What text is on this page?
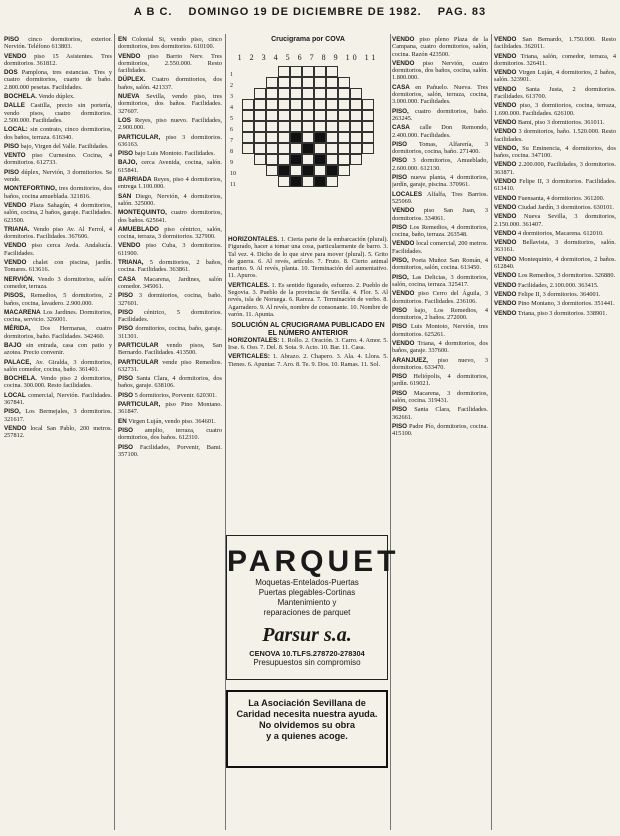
A B C. DOMINGO 19 DE DICIEMBRE DE 1982. PAG. 83

PISO cinco dormitorios, exterior. Nervión. Teléfono 613803.

VENDO piso 15 Asistentes. Tres dormitorios. 361812.

DOS Pamplona, tres estancias. Tres y cuatro dormitorios, cuarto de baño. 2.800.000 pesetas. Facilidades.

BOCHELA. Vendo dúplex.

DALLE Castilla, precio sin portería, vendo pisos, cuatro dormitorios. 2.500.000. Facilidades.

LOCAL: sin contrato, cinco dormitorios, dos baños, terraza. 616340.

PISO bajo, Virgen del Valle. Facilidades.

VENTO piso Curnesino. Cocina, 4 dormitorios. 612733.

PISO dúplex, Nervión, 3 dormitorios. Se vende.

MONTEFORTINO, tres dormitorios, dos baños, cocina amueblada. 321816.

VENDO Plaza Sahagún, 4 dormitorios, salón, cocina, 2 baños, garaje. Facilidades. 623500.

TRIANA. Vendo piso Av. Al Ferrol, 4 dormitorios. Facilidades. 367606.

VENDO piso cerca Avda. Andalucía. Facilidades.

VENDO chalet con piscina, jardín. Tomares. 613616.

NERVIÓN. Vendo 3 dormitorios, salón comedor, terraza.

PISOS, Remedios, 5 dormitorios, 2 baños, cocina, lavadero. 2.900.000.

MACARENA Los Jardines. Dormitorios, cocina, servicio. 326001.

MÉRIDA, Dos Hermanas, cuatro dormitorios, baño. Facilidades. 342460.

BAJO sin entrada, casa con patio y azotea. Precio convenir.

PALACE, Av. Giralda, 3 dormitorios, salón comedor, cocina, baño. 361401.

BOCHELA. Vendo piso 2 dormitorios, cocina. 300.000. Resto facilidades.

LOCAL comercial, Nervión. Facilidades. 367841.

PISO, Los Bermejales, 3 dormitorios. 321617.

VENDO local San Pablo, 200 metros. 257812.

EN Colonial Si, vendo piso, cinco dormitorios, tres dormitorios. 610100.

VENDO piso Barrio Nerv. Tres dormitorios, 2.550.000. Resto facilidades.

DÚPLEX. Cuatro dormitorios, dos baños, salón. 421337.

NUEVA Sevilla, vendo piso, tres dormitorios, dos baños. Facilidades. 327607.

LOS Reyes, piso nuevo. Facilidades, 2.900.000.

PARTICULAR, piso 3 dormitorios. 636163.

PISO bajo Luis Montoto. Facilidades.

BAJO, cerca Avenida, cocina, salón. 615841.

BARRIADA Reyes, piso 4 dormitorios, entrega 1.100.000.

SAN Diego, Nervión, 4 dormitorios, salón. 325000.

MONTEQUINTO, cuatro dormitorios, dos baños. 625641.

AMUEBLADO piso céntrico, salón, cocina, terraza, 3 dormitorios. 327900.

VENDO piso Cuba, 3 dormitorios. 611900.

TRIANA, 5 dormitorios, 2 baños, cocina. Facilidades. 363861.

CASA Macarena, Jardines, salón comedor. 345061.

PISO 3 dormitorios, cocina, baño. 327601.

PISO céntrico, 5 dormitorios. Facilidades.

PISO dormitorios, cocina, baño, garaje. 311301.

PARTICULAR vendo pisos, San Bernardo. Facilidades. 413500.

PARTICULAR vende piso Remedios. 632731.

PISO Santa Clara, 4 dormitorios, dos baños, garaje. 638106.

PISO 5 dormitorios, Porvenir. 620301.

PARTICULAR, piso Pino Montano. 361847.

EN Virgen Luján, vendo piso. 364601.

PISO amplio, terraza, cuatro dormitorios, dos baños. 612310.

PISO Facilidades, Porvenir, Bami. 357100.

Crucigrama por COVA
1 2 3 4 5 6 7 8 9 10 11
1
2
3
4
5
6
7
8
9
10
11

HORIZONTALES. 1. Cierta parte de la embarcación (plural). Figurado, hacer a tomar una cosa, particularmente de barro. 3. Tal vez. 4. Dicho de lo que sirve para mover (plural). 5. Grito de guerra. 6. Al revés, artículo. 7. Fruto. 8. Cierto animal marino. 9. Al revés, planta. 10. Terminación del aumentativo. 11. Apuros.

VERTICALES. 1. Es sentido figurado, esfuerzo. 2. Pueblo de Segovia. 3. Pueblo de la provincia de Sevilla. 4. Flor. 5. Al revés, isla de Noruega. 6. Rareza. 7. Terminación de verbo. 8. Agarradero. 9. Al revés, nombre de consonante. 10. Nombre de varón. 11. Apunta.

SOLUCIÓN AL CRUCIGRAMA PUBLICADO EN EL NÚMERO ANTERIOR

HORIZONTALES: 1. Rollo. 2. Oración. 3. Carro. 4. Amor. 5. Irse. 6. Oso. 7. Del. 8. Sota. 9. Acto. 10. Bar. 11. Casa.

VERTICALES: 1. Abrazo. 2. Chapero. 3. Ala. 4. Llora. 5. Tienes. 6. Apuntar. 7. Aro. 8. Te. 9. Dos. 10. Ramas. 11. Sol.

PARQUET
Moquetas-Entelados-Puertas
Puertas plegables-Cortinas
Mantenimiento y
reparaciones de parquet
Parsur s.a.
CENOVA 10.TLFS.278720-278304
Presupuestos sin compromiso
La Asociación Sevillana de
Caridad necesita nuestra ayuda.
No olvidemos su obra
y a quienes acoge.

VENDO piso pleno Plaza de la Campana, cuatro dormitorios, salón, cocina. Razón 423500.

VENDO piso Nervión, cuatro dormitorios, dos baños, cocina, salón. 1.800.000.

CASA en Pañuelo. Nueva. Tres dormitorios, salón, terraza, cocina, 3.000.000. Facilidades.

PISO, cuatro dormitorios, baño. 263245.

CASA calle Don Remondo, 2.400.000. Facilidades.

PISO Tomas, Alfarería, 3 dormitorios, cocina, baño. 271400.

PISO 3 dormitorios, Amueblado, 2.600.000. 612130.

PISO nueva planta, 4 dormitorios, jardín, garaje, piscina. 370961.

LOCALES Alfalfa, Tres Barrios. 525069.

VENDO piso San Juan, 3 dormitorios. 334061.

PISO Los Remedios, 4 dormitorios, cocina, baño, terraza. 263548.

VENDO local comercial, 200 metros. Facilidades.

PISO, Poeta Muñoz San Román, 4 dormitorios, salón, cocina. 613450.

PISO, Las Delicias, 3 dormitorios, salón, cocina, terraza. 325417.

VENDO piso Cerro del Águila, 3 dormitorios. Facilidades. 236106.

PISO bajo, Los Remedios, 4 dormitorios, 2 baños. 272000.

PISO Luis Montoto, Nervión, tres dormitorios. 625261.

VENDO Triana, 4 dormitorios, dos baños, garaje. 337600.

ARANJUEZ, piso nuevo, 3 dormitorios. 633470.

PISO Heliópolis, 4 dormitorios, jardín. 619021.

PISO Macarena, 3 dormitorios, salón, cocina. 319431.

PISO Santa Clara, Facilidades. 362661.

PISO Padre Pío, dormitorios, cocina. 415100.

VENDO San Bernardo, 1.750.000. Resto facilidades. 362011.

VENDO Triana, salón, comedor, terraza, 4 dormitorios. 326411.

VENDO Virgen Luján, 4 dormitorios, 2 baños, salón. 323901.

VENDO Santa Justa, 2 dormitorios. Facilidades. 613700.

VENDO piso, 3 dormitorios, cocina, terraza, 1.690.000. Facilidades. 626100.

VENDO Bami, piso 3 dormitorios. 361011.

VENDO 3 dormitorios, baño. 1.520.000. Resto facilidades.

VENDO, Su Eminencia, 4 dormitorios, dos baños, cocina. 347100.

VENDO 2.200.000, Facilidades, 3 dormitorios. 363871.

VENDO Felipe II, 3 dormitorios. Facilidades. 613410.

VENDO Fuensanta, 4 dormitorios. 361200.

VENDO Ciudad Jardín, 3 dormitorios. 630101.

VENDO Nueva Sevilla, 3 dormitorios, 2.150.000. 361407.

VENDO 4 dormitorios, Macarena. 612010.

VENDO Bellavista, 3 dormitorios, salón. 363161.

VENDO Montequinto, 4 dormitorios, 2 baños. 612840.

VENDO Los Remedios, 3 dormitorios. 326880.

VENDO Facilidades, 2.100.000. 363415.

VENDO Felipe II, 3 dormitorios. 364001.

VENDO Pino Montano, 3 dormitorios. 351441.

VENDO Triana, piso 3 dormitorios. 338901.
